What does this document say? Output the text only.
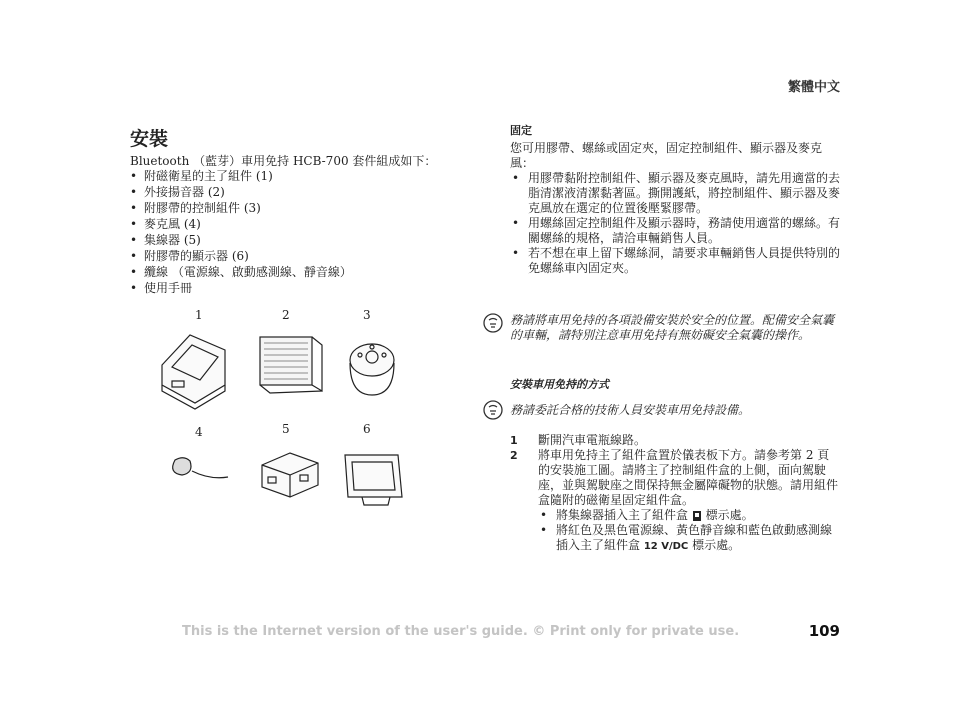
繁體中文
安裝
Bluetooth （藍芽）車用免持 HCB-700 套件組成如下：
• 附磁衛星的主了組件 (1)
• 外接揚音器 (2)
• 附膠帶的控制組件 (3)
• 麥克風 (4)
• 集線器 (5)
• 附膠帶的顯示器 (6)
• 纜線 （電源線、啟動感測線、靜音線）
• 使用手冊
1	2	3
4	5	6
固定
您可用膠帶、螺絲或固定夾，固定控制組件、顯示器及麥克風：
• 用膠帶黏附控制組件、顯示器及麥克風時，請先用適當的去脂清潔液清潔黏著區。撕開護紙，將控制組件、顯示器及麥克風放在選定的位置後壓緊膠帶。
• 用螺絲固定控制組件及顯示器時，務請使用適當的螺絲。有關螺絲的規格，請洽車輛銷售人員。
• 若不想在車上留下螺絲洞，請要求車輛銷售人員提供特別的免螺絲車內固定夾。
務請將車用免持的各項設備安裝於安全的位置。配備安全氣囊的車輛，請特別注意車用免持有無妨礙安全氣囊的操作。
安裝車用免持的方式
務請委託合格的技術人員安裝車用免持設備。
1 斷開汽車電瓶線路。
2 將車用免持主了組件盒置於儀表板下方。請參考第 2 頁的安裝施工圖。請將主了控制組件盒的上側，面向駕駛座，並與駕駛座之間保持無金屬障礙物的狀態。請用組件盒隨附的磁衛星固定組件盒。
• 將集線器插入主了組件盒 標示處。
• 將紅色及黑色電源線、黃色靜音線和藍色啟動感測線插入主了組件盒 12 V/DC 標示處。
This is the Internet version of the user's guide. © Print only for private use.	109
